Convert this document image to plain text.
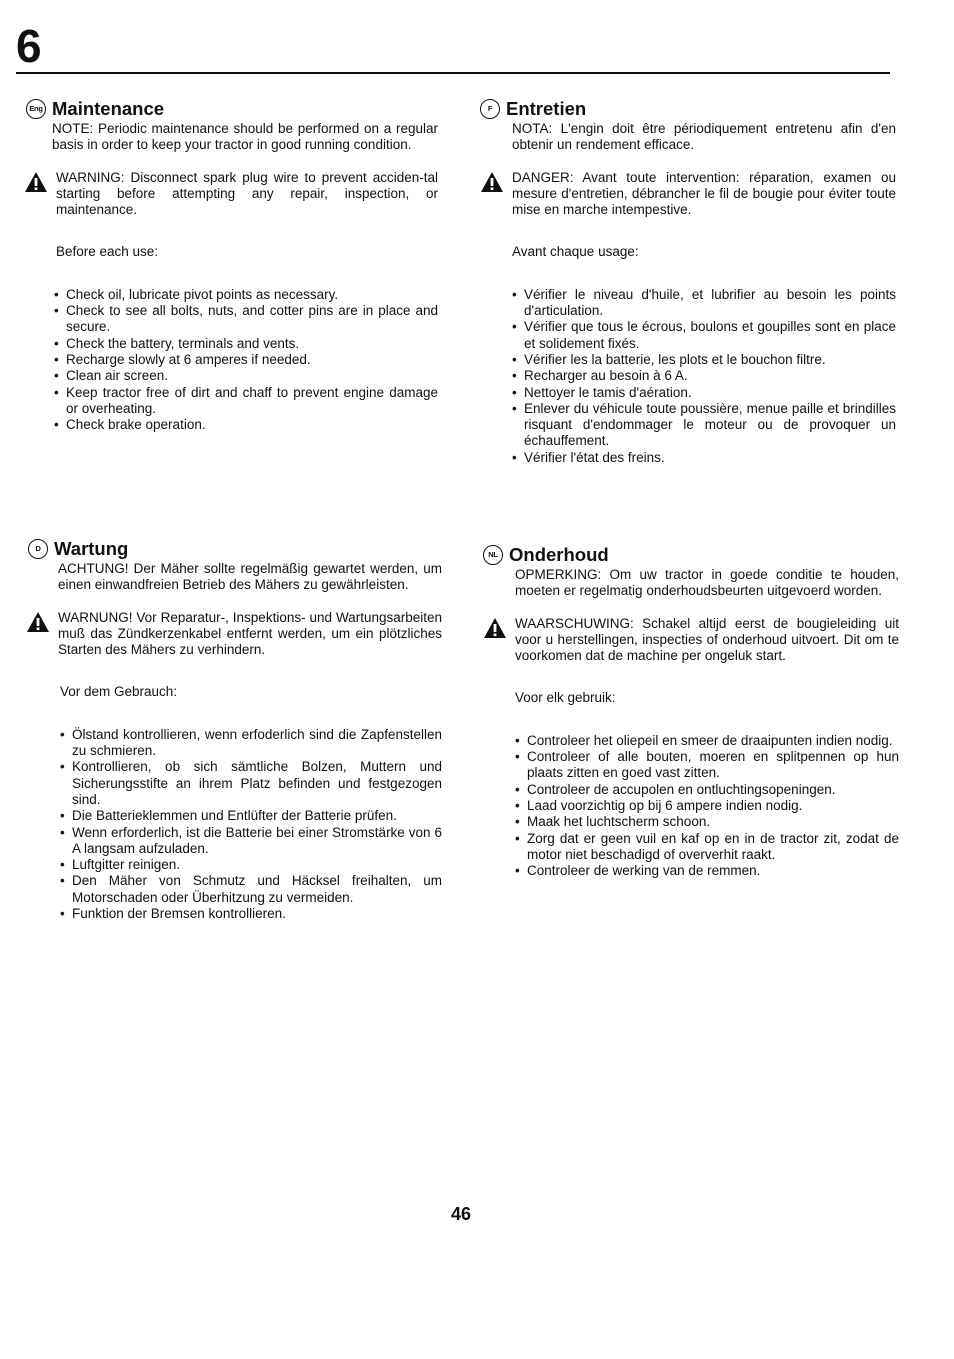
6
Eng Maintenance

NOTE: Periodic maintenance should be performed on a regular basis in order to keep your tractor in good running condition.

WARNING: Disconnect spark plug wire to prevent acciden-tal starting before attempting any repair, inspection, or maintenance.

Before each use:

• Check oil, lubricate pivot points as necessary.
• Check to see all bolts, nuts, and cotter pins are in place and secure.
• Check the battery, terminals and vents.
• Recharge slowly at 6 amperes if needed.
• Clean air screen.
• Keep tractor free of dirt and chaff to prevent engine damage or overheating.
• Check brake operation.
F Entretien

NOTA: L'engin doit être périodiquement entretenu afin d'en obtenir un rendement efficace.

DANGER: Avant toute intervention: réparation, examen ou mesure d'entretien, débrancher le fil de bougie pour éviter toute mise en marche intempestive.

Avant chaque usage:

• Vérifier le niveau d'huile, et lubrifier au besoin les points d'articulation.
• Vérifier que tous le écrous, boulons et goupilles sont en place et solidement fixés.
• Vérifier les la batterie, les plots et le bouchon filtre.
• Recharger au besoin à 6 A.
• Nettoyer le tamis d'aération.
• Enlever du véhicule toute poussière, menue paille et brindilles risquant d'endommager le moteur ou de provoquer un échauffement.
• Vérifier l'état des freins.
D Wartung

ACHTUNG! Der Mäher sollte regelmäßig gewartet werden, um einen einwandfreien Betrieb des Mähers zu gewährleisten.

WARNUNG! Vor Reparatur-, Inspektions- und Wartungsarbeiten muß das Zündkerzenkabel entfernt werden, um ein plötzliches Starten des Mähers zu verhindern.

Vor dem Gebrauch:

• Ölstand kontrollieren, wenn erfoderlich sind die Zapfenstellen zu schmieren.
• Kontrollieren, ob sich sämtliche Bolzen, Muttern und Sicherungsstifte an ihrem Platz befinden und festgezogen sind.
• Die Batterieklemmen und Entlüfter der Batterie prüfen.
• Wenn erforderlich, ist die Batterie bei einer Stromstärke von 6 A langsam aufzuladen.
• Luftgitter reinigen.
• Den Mäher von Schmutz und Häcksel freihalten, um Motorschaden oder Überhitzung zu vermeiden.
• Funktion der Bremsen kontrollieren.
NL Onderhoud

OPMERKING: Om uw tractor in goede conditie te houden, moeten er regelmatig onderhoudsbeurten uitgevoerd worden.

WAARSCHUWING: Schakel altijd eerst de bougieleiding uit voor u herstellingen, inspecties of onderhoud uitvoert. Dit om te voorkomen dat de machine per ongeluk start.

Voor elk gebruik:

• Controleer het oliepeil en smeer de draaipunten indien nodig.
• Controleer of alle bouten, moeren en splitpennen op hun plaats zitten en goed vast zitten.
• Controleer de accupolen en ontluchtingsopeningen.
• Laad voorzichtig op bij 6 ampere indien nodig.
• Maak het luchtscherm schoon.
• Zorg dat er geen vuil en kaf op en in de tractor zit, zodat de motor niet beschadigd of oververhit raakt.
• Controleer de werking van de remmen.
46
